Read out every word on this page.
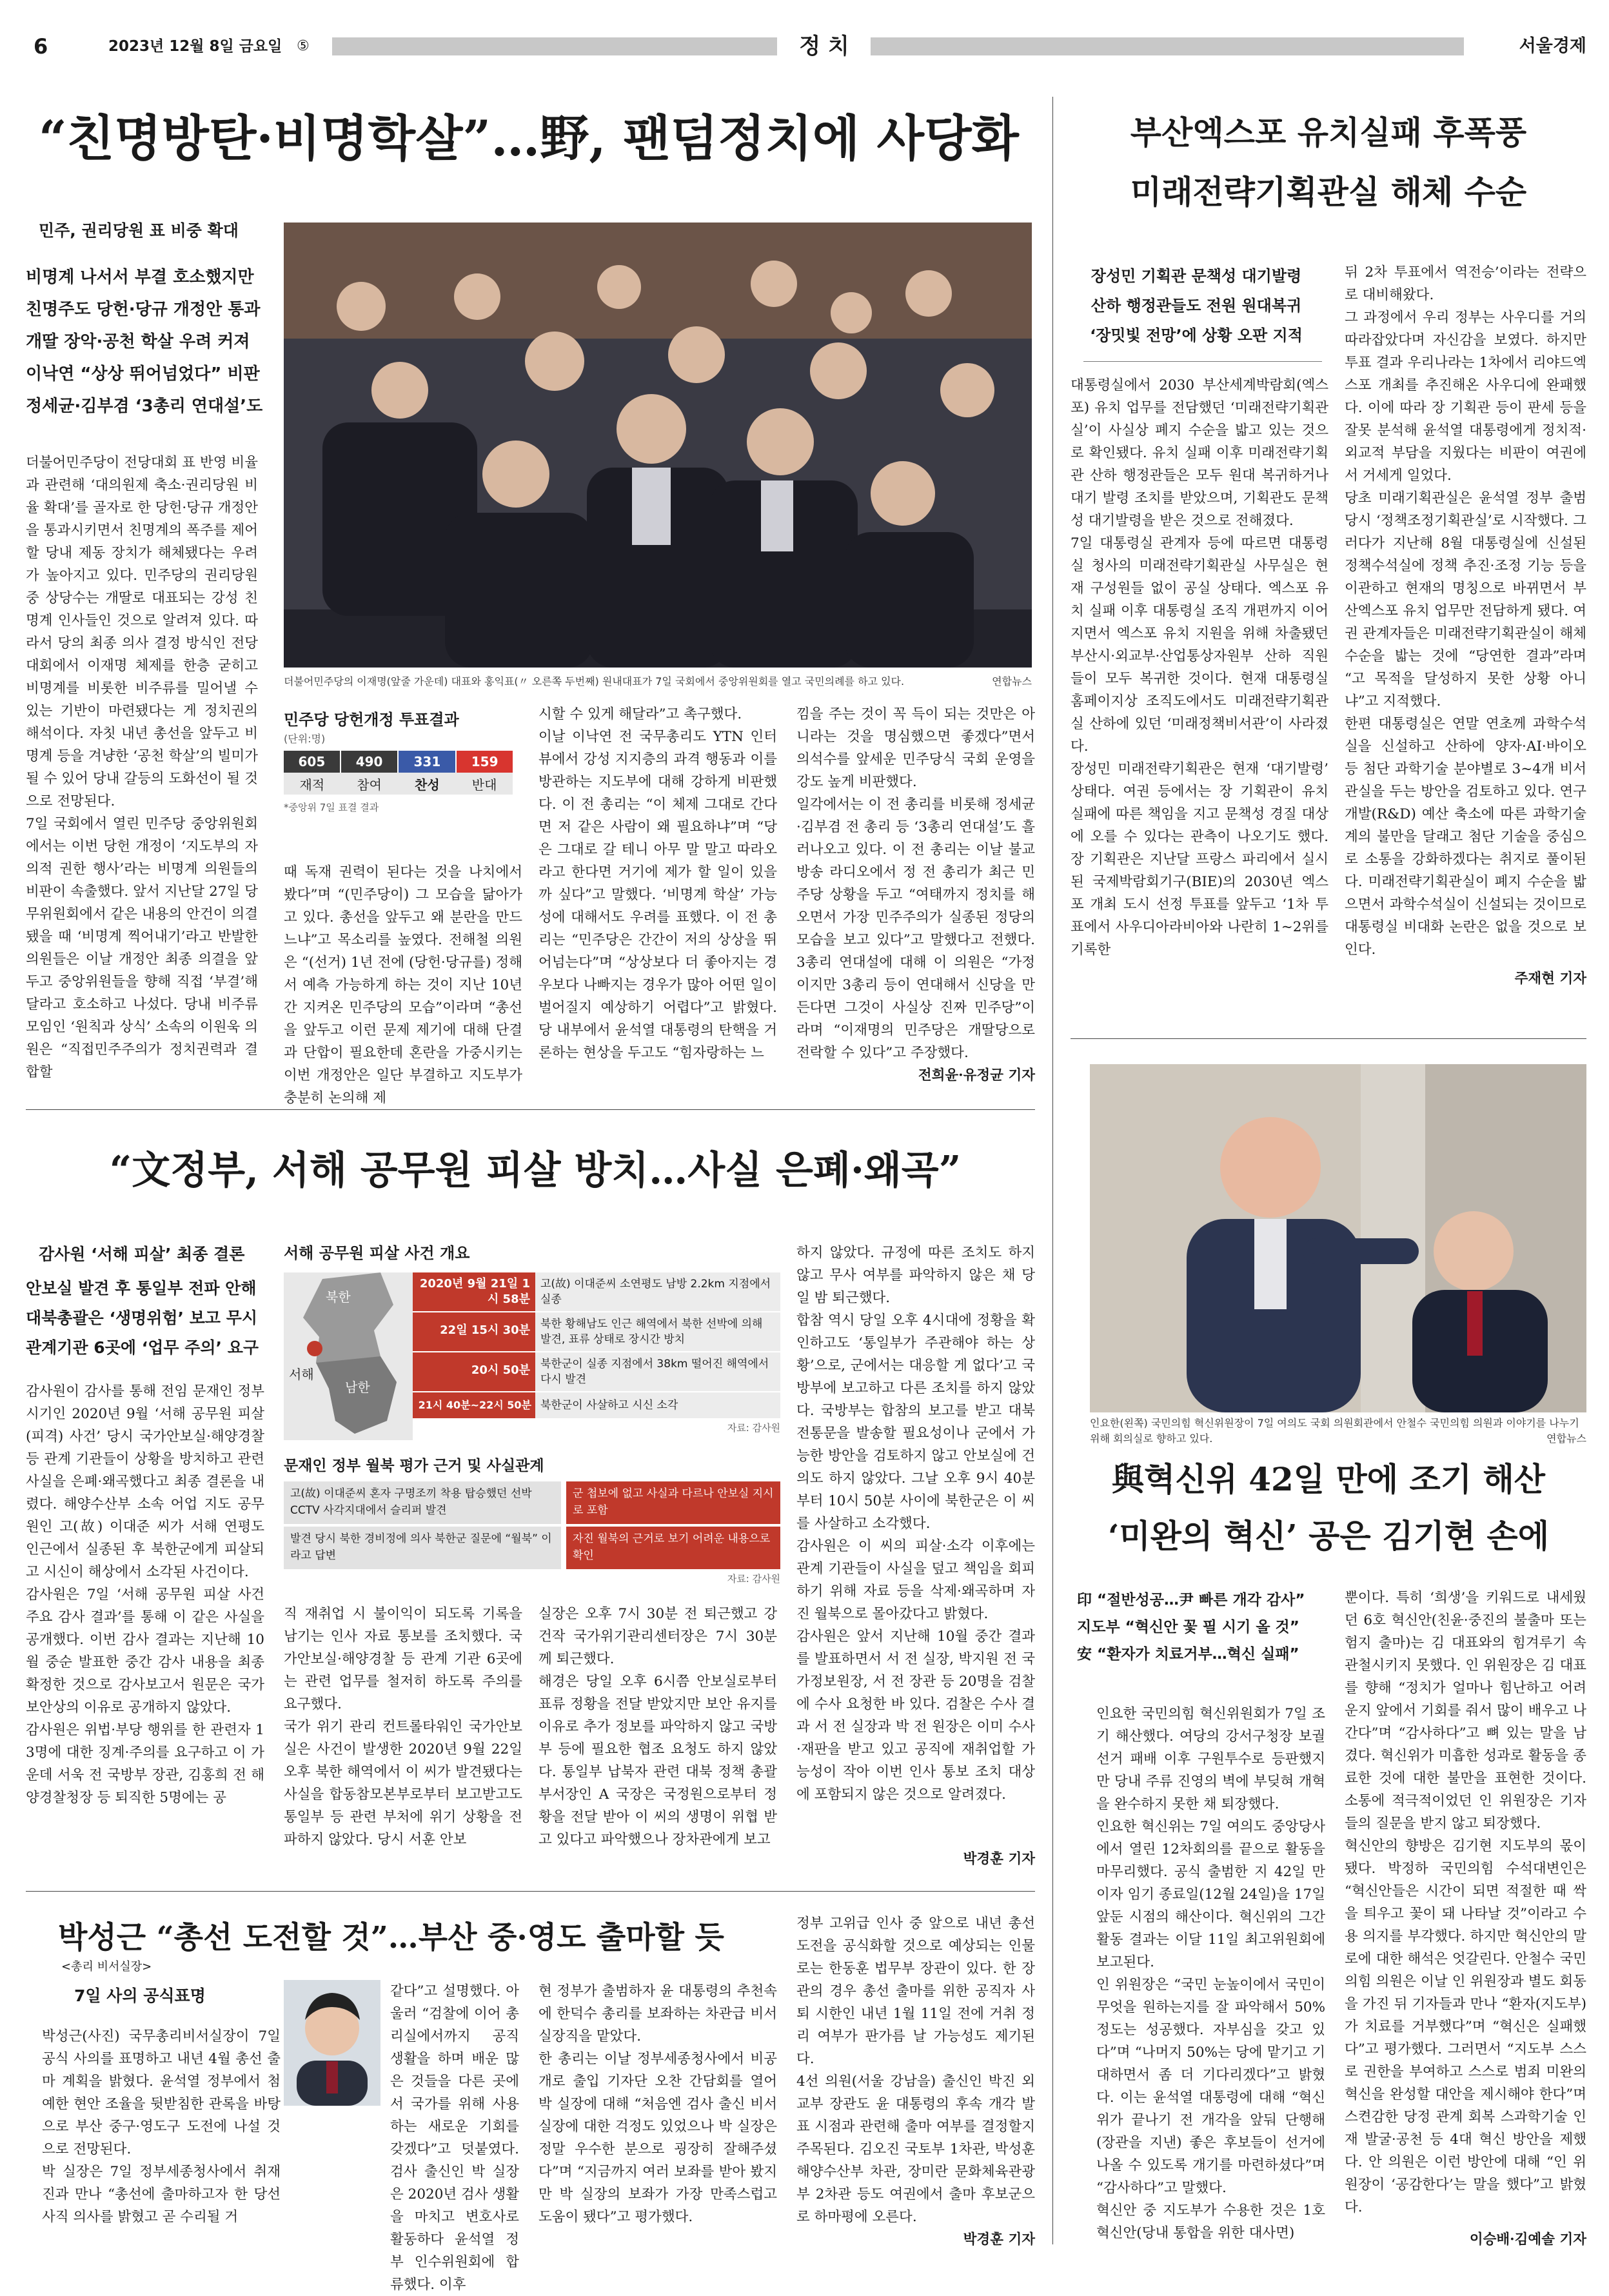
6	2023년 12월 8일 금요일 ⑤	정 치	서울경제
“친명방탄·비명학살”…野, 팬덤정치에 사당화
민주, 권리당원 표 비중 확대
비명계 나서서 부결 호소했지만
친명주도 당헌·당규 개정안 통과
개딸 장악·공천 학살 우려 커져
이낙연 “상상 뛰어넘었다” 비판
정세균·김부겸 ‘3총리 연대설’도
더불어민주당이 전당대회 표 반영 비율과 관련해 ‘대의원제 축소·권리당원 비율 확대’를 골자로 한 당헌·당규 개정안을 통과시키면서 친명계의 폭주를 제어할 당내 제동 장치가 해체됐다는 우려가 높아지고 있다. 민주당의 권리당원 중 상당수는 개딸로 대표되는 강성 친명계 인사들인 것으로 알려져 있다. 따라서 당의 최종 의사 결정 방식인 전당대회에서 이재명 체제를 한층 굳히고 비명계를 비롯한 비주류를 밀어낼 수 있는 기반이 마련됐다는 게 정치권의 해석이다. 자칫 내년 총선을 앞두고 비명계 등을 겨냥한 ‘공천 학살’의 빌미가 될 수 있어 당내 갈등의 도화선이 될 것으로 전망된다.
7일 국회에서 열린 민주당 중앙위원회에서는 이번 당헌 개정이 ‘지도부의 자의적 권한 행사’라는 비명계 의원들의 비판이 속출했다. 앞서 지난달 27일 당무위원회에서 같은 내용의 안건이 의결됐을 때 ‘비명계 찍어내기’라고 반발한 의원들은 이날 개정안 최종 의결을 앞두고 중앙위원들을 향해 직접 ‘부결’해달라고 호소하고 나섰다. 당내 비주류 모임인 ‘원칙과 상식’ 소속의 이원욱 의원은 “직접민주주의가 정치권력과 결합할
더불어민주당의 이재명(앞줄 가운데) 대표와 홍익표(〃 오른쪽 두번째) 원내대표가 7일 국회에서 중앙위원회를 열고 국민의례를 하고 있다.	연합뉴스
민주당 당헌개정 투표결과
(단위:명)
605	490	331	159
재적	참여	찬성	반대
*중앙위 7일 표결 결과
때 독재 권력이 된다는 것을 나치에서 봤다”며 “(민주당이) 그 모습을 닮아가고 있다. 총선을 앞두고 왜 분란을 만드느냐”고 목소리를 높였다. 전해철 의원은 “(선거) 1년 전에 (당헌·당규를) 정해서 예측 가능하게 하는 것이 지난 10년간 지켜온 민주당의 모습”이라며 “총선을 앞두고 이런 문제 제기에 대해 단결과 단합이 필요한데 혼란을 가중시키는 이번 개정안은 일단 부결하고 지도부가 충분히 논의해 제
시할 수 있게 해달라”고 촉구했다.
이날 이낙연 전 국무총리도 YTN 인터뷰에서 강성 지지층의 과격 행동과 이를 방관하는 지도부에 대해 강하게 비판했다. 이 전 총리는 “이 체제 그대로 간다면 저 같은 사람이 왜 필요하냐”며 “당은 그대로 갈 테니 아무 말 말고 따라오라고 한다면 거기에 제가 할 일이 있을까 싶다”고 말했다. ‘비명계 학살’ 가능성에 대해서도 우려를 표했다. 이 전 총리는 “민주당은 간간이 저의 상상을 뛰어넘는다”며 “상상보다 더 좋아지는 경우보다 나빠지는 경우가 많아 어떤 일이 벌어질지 예상하기 어렵다”고 밝혔다. 당 내부에서 윤석열 대통령의 탄핵을 거론하는 현상을 두고도 “힘자랑하는 느
낌을 주는 것이 꼭 득이 되는 것만은 아니라는 것을 명심했으면 좋겠다”면서 의석수를 앞세운 민주당식 국회 운영을 강도 높게 비판했다.
일각에서는 이 전 총리를 비롯해 정세균·김부겸 전 총리 등 ‘3총리 연대설’도 흘러나오고 있다. 이 전 총리는 이날 불교방송 라디오에서 정 전 총리가 최근 민주당 상황을 두고 “여태까지 정치를 해오면서 가장 민주주의가 실종된 정당의 모습을 보고 있다”고 말했다고 전했다. 3총리 연대설에 대해 이 의원은 “가정이지만 3총리 등이 연대해서 신당을 만든다면 그것이 사실상 진짜 민주당”이라며 “이재명의 민주당은 개딸당으로 전락할 수 있다”고 주장했다.
전희윤·유정균 기자
부산엑스포 유치실패 후폭풍
미래전략기획관실 해체 수순
장성민 기획관 문책성 대기발령
산하 행정관들도 전원 원대복귀
‘장밋빛 전망’에 상황 오판 지적
대통령실에서 2030 부산세계박람회(엑스포) 유치 업무를 전담했던 ‘미래전략기획관실’이 사실상 폐지 수순을 밟고 있는 것으로 확인됐다. 유치 실패 이후 미래전략기획관 산하 행정관들은 모두 원대 복귀하거나 대기 발령 조치를 받았으며, 기획관도 문책성 대기발령을 받은 것으로 전해졌다.
7일 대통령실 관계자 등에 따르면 대통령실 청사의 미래전략기획관실 사무실은 현재 구성원들 없이 공실 상태다. 엑스포 유치 실패 이후 대통령실 조직 개편까지 이어지면서 엑스포 유치 지원을 위해 차출됐던 부산시·외교부·산업통상자원부 산하 직원들이 모두 복귀한 것이다. 현재 대통령실 홈페이지상 조직도에서도 미래전략기획관실 산하에 있던 ‘미래정책비서관’이 사라졌다.
장성민 미래전략기획관은 현재 ‘대기발령’ 상태다. 여권 등에서는 장 기획관이 유치 실패에 따른 책임을 지고 문책성 경질 대상에 오를 수 있다는 관측이 나오기도 했다. 장 기획관은 지난달 프랑스 파리에서 실시된 국제박람회기구(BIE)의 2030년 엑스포 개최 도시 선정 투표를 앞두고 ‘1차 투표에서 사우디아라비아와 나란히 1~2위를 기록한
뒤 2차 투표에서 역전승’이라는 전략으로 대비해왔다.
그 과정에서 우리 정부는 사우디를 거의 따라잡았다며 자신감을 보였다. 하지만 투표 결과 우리나라는 1차에서 리야드엑스포 개최를 추진해온 사우디에 완패했다. 이에 따라 장 기획관 등이 판세 등을 잘못 분석해 윤석열 대통령에게 정치적·외교적 부담을 지웠다는 비판이 여권에서 거세게 일었다.
당초 미래기획관실은 윤석열 정부 출범 당시 ‘정책조정기획관실’로 시작했다. 그러다가 지난해 8월 대통령실에 신설된 정책수석실에 정책 추진·조정 기능 등을 이관하고 현재의 명칭으로 바뀌면서 부산엑스포 유치 업무만 전담하게 됐다. 여권 관계자들은 미래전략기획관실이 해체 수순을 밟는 것에 “당연한 결과”라며 “고 목적을 달성하지 못한 상황 아니냐”고 지적했다.
한편 대통령실은 연말 연초께 과학수석실을 신설하고 산하에 양자·AI·바이오 등 첨단 과학기술 분야별로 3~4개 비서관실을 두는 방안을 검토하고 있다. 연구개발(R&D) 예산 축소에 따른 과학기술계의 불만을 달래고 첨단 기술을 중심으로 소통을 강화하겠다는 취지로 풀이된다. 미래전략기획관실이 폐지 수순을 밟으면서 과학수석실이 신설되는 것이므로 대통령실 비대화 논란은 없을 것으로 보인다.
주재현 기자
인요한(왼쪽) 국민의힘 혁신위원장이 7일 여의도 국회 의원회관에서 안철수 국민의힘 의원과 이야기를 나누기 위해 회의실로 향하고 있다.	연합뉴스
與혁신위 42일 만에 조기 해산
‘미완의 혁신’ 공은 김기현 손에
印 “절반성공…尹 빠른 개각 감사”
지도부 “혁신안 꽃 필 시기 올 것”
安 “환자가 치료거부…혁신 실패”
인요한 국민의힘 혁신위원회가 7일 조기 해산했다. 여당의 강서구청장 보궐선거 패배 이후 구원투수로 등판했지만 당내 주류 진영의 벽에 부딪혀 개혁을 완수하지 못한 채 퇴장했다.
인요한 혁신위는 7일 여의도 중앙당사에서 열린 12차회의를 끝으로 활동을 마무리했다. 공식 출범한 지 42일 만이자 임기 종료일(12월 24일)을 17일 앞둔 시점의 해산이다. 혁신위의 그간 활동 결과는 이달 11일 최고위원회에 보고된다.
인 위원장은 “국민 눈높이에서 국민이 무엇을 원하는지를 잘 파악해서 50% 정도는 성공했다. 자부심을 갖고 있다”며 “나머지 50%는 당에 맡기고 기대하면서 좀 더 기다리겠다”고 밝혔다. 이는 윤석열 대통령에 대해 “혁신위가 끝나기 전 개각을 앞둬 단행해 (장관을 지낸) 좋은 후보들이 선거에 나올 수 있도록 개기를 마련하셨다”며 “감사하다”고 말했다.
혁신안 중 지도부가 수용한 것은 1호 혁신안(당내 통합을 위한 대사면)
뿐이다. 특히 ‘희생’을 키워드로 내세웠던 6호 혁신안(친윤·중진의 불출마 또는 험지 출마)는 김 대표와의 힘겨루기 속 관철시키지 못했다. 인 위원장은 김 대표를 향해 “정치가 얼마나 힘난하고 어려운지 앞에서 기회를 줘서 많이 배우고 나간다”며 “감사하다”고 뼈 있는 말을 남겼다. 혁신위가 미흡한 성과로 활동을 종료한 것에 대한 불만을 표현한 것이다. 소통에 적극적이었던 인 위원장은 기자들의 질문을 받지 않고 퇴장했다.
혁신안의 향방은 김기현 지도부의 몫이 됐다. 박정하 국민의힘 수석대변인은 “혁신안들은 시간이 되면 적절한 때 싹을 틔우고 꽃이 돼 나타날 것”이라고 수용 의지를 부각했다. 하지만 혁신안의 말로에 대한 해석은 엇갈린다. 안철수 국민의힘 의원은 이날 인 위원장과 별도 회동을 가진 뒤 기자들과 만나 “환자(지도부)가 치료를 거부했다”며 “혁신은 실패했다”고 평가했다. 그러면서 “지도부 스스로 권한을 부여하고 스스로 범죄 미완의 혁신을 완성할 대안을 제시해야 한다”며 스켠감한 당정 관계 회복 스과학기술 인재 발굴·공천 등 4대 혁신 방안을 제했다. 안 의원은 이런 방안에 대해 “인 위원장이 ‘공감한다’는 말을 했다”고 밝혔다.
이승배·김예솔 기자
“文정부, 서해 공무원 피살 방치…사실 은폐·왜곡”
감사원 ‘서해 피살’ 최종 결론
안보실 발견 후 통일부 전파 안해
대북총괄은 ‘생명위험’ 보고 무시
관계기관 6곳에 ‘업무 주의’ 요구
감사원이 감사를 통해 전임 문재인 정부 시기인 2020년 9월 ‘서해 공무원 피살(피격) 사건’ 당시 국가안보실·해양경찰 등 관계 기관들이 상황을 방치하고 관련 사실을 은폐·왜곡했다고 최종 결론을 내렸다. 해양수산부 소속 어업 지도 공무원인 고(故) 이대준 씨가 서해 연평도 인근에서 실종된 후 북한군에게 피살되고 시신이 해상에서 소각된 사건이다.
감사원은 7일 ‘서해 공무원 피살 사건 주요 감사 결과’를 통해 이 같은 사실을 공개했다. 이번 감사 결과는 지난해 10월 중순 발표한 중간 감사 내용을 최종 확정한 것으로 감사보고서 원문은 국가 보안상의 이유로 공개하지 않았다.
감사원은 위법·부당 행위를 한 관련자 13명에 대한 징계·주의를 요구하고 이 가운데 서욱 전 국방부 장관, 김홍희 전 해양경찰청장 등 퇴직한 5명에는 공
서해 공무원 피살 사건 개요
북한
서해
남한
2020년 9월 21일 1시 58분
고(故) 이대준씨 소연평도 남방 2.2km 지점에서 실종
22일 15시 30분 북한 황해남도 인근 해역에서 북한 선박에 의해 발견, 표류 상태로 장시간 방치
20시 50분 북한군이 실종 지점에서 38km 떨어진 해역에서 다시 발견
21시 40분~22시 50분 북한군이 사살하고 시신 소각
자료: 감사원
문재인 정부 월북 평가 근거 및 사실관계
고(故) 이대준씨 혼자 구명조끼 착용 탑승했던 선박 CCTV 사각지대에서 슬리퍼 발견
군 첩보에 없고 사실과 다르나 안보실 지시로 포함
발견 당시 북한 경비정에 의사 북한군 질문에 “월북” 이라고 답변
자진 월북의 근거로 보기 어려운 내용으로 확인
자료: 감사원
직 재취업 시 불이익이 되도록 기록을 남기는 인사 자료 통보를 조치했다. 국가안보실·해양경찰 등 관계 기관 6곳에는 관련 업무를 철저히 하도록 주의를 요구했다.
국가 위기 관리 컨트롤타워인 국가안보실은 사건이 발생한 2020년 9월 22일 오후 북한 해역에서 이 씨가 발견됐다는 사실을 합동참모본부로부터 보고받고도 통일부 등 관련 부처에 위기 상황을 전파하지 않았다. 당시 서훈 안보
실장은 오후 7시 30분 전 퇴근했고 강건작 국가위기관리센터장은 7시 30분께 퇴근했다.
해경은 당일 오후 6시쯤 안보실로부터 표류 정황을 전달 받았지만 보안 유지를 이유로 추가 정보를 파악하지 않고 국방부 등에 필요한 협조 요청도 하지 않았다. 통일부 납북자 관련 대북 정책 총괄 부서장인 A 국장은 국정원으로부터 정황을 전달 받아 이 씨의 생명이 위협 받고 있다고 파악했으나 장차관에게 보고
하지 않았다. 규정에 따른 조치도 하지 않고 무사 여부를 파악하지 않은 채 당일 밤 퇴근했다.
합참 역시 당일 오후 4시대에 정황을 확인하고도 ‘통일부가 주관해야 하는 상황’으로, 군에서는 대응할 게 없다’고 국방부에 보고하고 다른 조치를 하지 않았다. 국방부는 합참의 보고를 받고 대북 전통문을 발송할 필요성이나 군에서 가능한 방안을 검토하지 않고 안보실에 건의도 하지 않았다. 그날 오후 9시 40분부터 10시 50분 사이에 북한군은 이 씨를 사살하고 소각했다.
감사원은 이 씨의 피살·소각 이후에는 관계 기관들이 사실을 덮고 책임을 회피하기 위해 자료 등을 삭제·왜곡하며 자진 월북으로 몰아갔다고 밝혔다.
감사원은 앞서 지난해 10월 중간 결과를 발표하면서 서 전 실장, 박지원 전 국가정보원장, 서 전 장관 등 20명을 검찰에 수사 요청한 바 있다. 검찰은 수사 결과 서 전 실장과 박 전 원장은 이미 수사·재판을 받고 있고 공직에 재취업할 가능성이 작아 이번 인사 통보 조치 대상에 포함되지 않은 것으로 알려졌다.
박경훈 기자
박성근 “총선 도전할 것”…부산 중·영도 출마할 듯
<총리 비서실장>
7일 사의 공식표명
박성근(사진) 국무총리비서실장이 7일 공식 사의를 표명하고 내년 4월 총선 출마 계획을 밝혔다. 윤석열 정부에서 첨예한 현안 조율을 뒷받침한 관록을 바탕으로 부산 중구·영도구 도전에 나설 것으로 전망된다.
박 실장은 7일 정부세종청사에서 취재진과 만나 “총선에 출마하고자 한 당선 사직 의사를 밝혔고 곧 수리될 거
같다”고 설명했다. 아울러 “검찰에 이어 총리실에서까지 공직 생활을 하며 배운 많은 것들을 다른 곳에서 국가를 위해 사용하는 새로운 기회를 갖겠다”고 덧붙였다. 검사 출신인 박 실장은 2020년 검사 생활을 마치고 변호사로 활동하다 윤석열 정부 인수위원회에 합류했다. 이후
현 정부가 출범하자 윤 대통령의 추천속에 한덕수 총리를 보좌하는 차관급 비서실장직을 맡았다.
한 총리는 이날 정부세종청사에서 비공개로 출입 기자단 오찬 간담회를 열어 박 실장에 대해 “처음엔 검사 출신 비서실장에 대한 걱정도 있었으나 박 실장은 정말 우수한 분으로 굉장히 잘해주셨다”며 “지금까지 여러 보좌를 받아 봤지만 박 실장의 보좌가 가장 만족스럽고 도움이 됐다”고 평가했다.
정부 고위급 인사 중 앞으로 내년 총선 도전을 공식화할 것으로 예상되는 인물로는 한동훈 법무부 장관이 있다. 한 장관의 경우 총선 출마를 위한 공직자 사퇴 시한인 내년 1월 11일 전에 거취 정리 여부가 판가름 날 가능성도 제기된다.
4선 의원(서울 강남을) 출신인 박진 외교부 장관도 윤 대통령의 후속 개각 발표 시점과 관련해 출마 여부를 결정할지 주목된다. 김오진 국토부 1차관, 박성훈 해양수산부 차관, 장미란 문화체육관광부 2차관 등도 여권에서 출마 후보군으로 하마평에 오른다.
박경훈 기자
